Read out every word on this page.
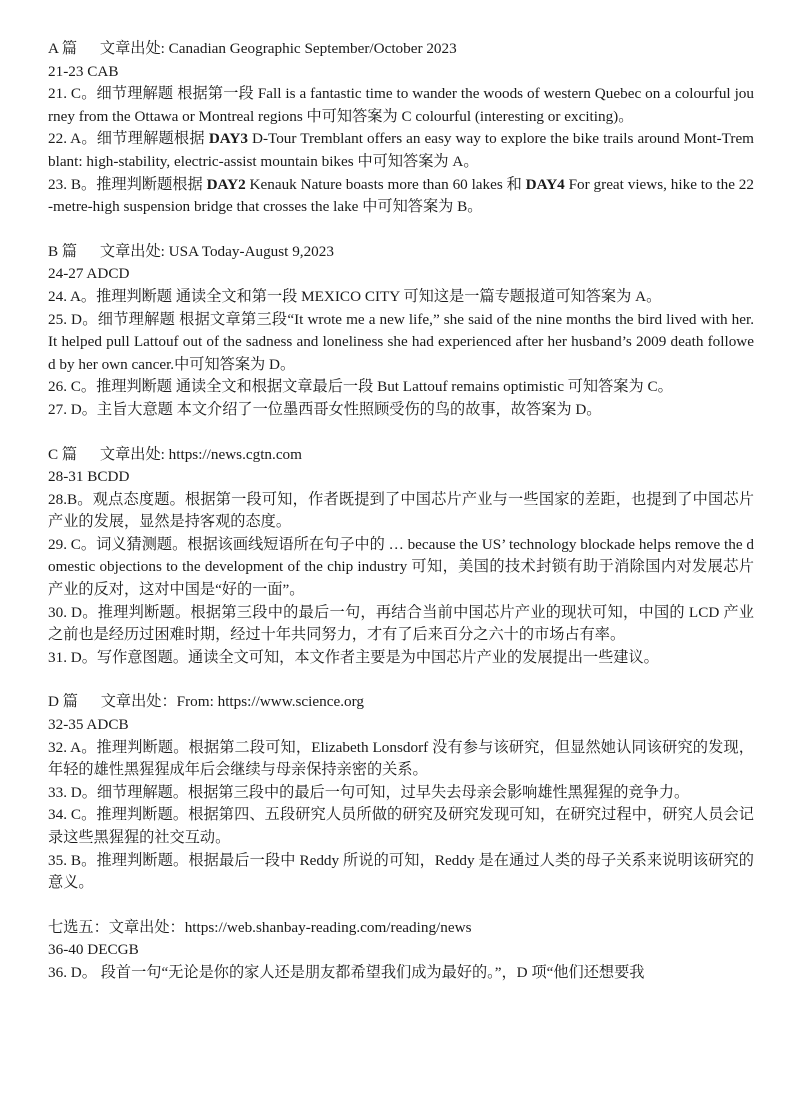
A 篇      文章出处: Canadian Geographic September/October 2023
21-23 CAB
21. C。细节理解题 根据第一段 Fall is a fantastic time to wander the woods of western Quebec on a colourful journey from the Ottawa or Montreal regions 中可知答案为 C colourful (interesting or exciting)。
22. A。细节理解题根据 DAY3 D-Tour Tremblant offers an easy way to explore the bike trails around Mont-Tremblant: high-stability, electric-assist mountain bikes 中可知答案为 A。
23. B。推理判断题根据 DAY2 Kenauk Nature boasts more than 60 lakes 和 DAY4 For great views, hike to the 22-metre-high suspension bridge that crosses the lake 中可知答案为 B。
B 篇      文章出处: USA Today-August 9,2023
24-27 ADCD
24. A。推理判断题 通读全文和第一段 MEXICO CITY 可知这是一篇专题报道可知答案为 A。
25. D。细节理解题 根据文章第三段“It wrote me a new life,” she said of the nine months the bird lived with her. It helped pull Lattouf out of the sadness and loneliness she had experienced after her husband’s 2009 death followed by her own cancer.中可知答案为 D。
26. C。推理判断题 通读全文和根据文章最后一段 But Lattouf remains optimistic 可知答案为 C。
27. D。主旨大意题 本文介绍了一位墨西哥女性照顾受伤的鸟的故事，故答案为 D。
C 篇      文章出处: https://news.cgtn.com
28-31 BCDD
28.B。观点态度题。根据第一段可知，作者既提到了中国芯片产业与一些国家的差距，也提到了中国芯片产业的发展，显然是持客观的态度。
29. C。词义猜测题。根据该画线短语所在句子中的 … because the US’ technology blockade helps remove the domestic objections to the development of the chip industry 可知，美国的技术封锁有助于消除国内对发展芯片产业的反对，这对中国是“好的一面”。
30. D。推理判断题。根据第三段中的最后一句，再结合当前中国芯片产业的现状可知，中国的 LCD 产业之前也是经历过困难时期，经过十年共同努力，才有了后来百分之六十的市场占有率。
31. D。写作意图题。通读全文可知，本文作者主要是为中国芯片产业的发展提出一些建议。
D 篇      文章出处：From: https://www.science.org
32-35 ADCB
32. A。推理判断题。根据第二段可知，Elizabeth Lonsdorf 没有参与该研究，但显然她认同该研究的发现，年轻的雄性黑猩猩成年后会继续与母亲保持亲密的关系。
33. D。细节理解题。根据第三段中的最后一句可知，过早失去母亲会影响雄性黑猩猩的竞争力。
34. C。推理判断题。根据第四、五段研究人员所做的研究及研究发现可知，在研究过程中，研究人员会记录这些黑猩猩的社交互动。
35. B。推理判断题。根据最后一段中 Reddy 所说的可知，Reddy 是在通过人类的母子关系来说明该研究的意义。
七选五：文章出处：https://web.shanbay-reading.com/reading/news
36-40 DECGB
36. D。 段首一句“无论是你的家人还是朋友都希望我们成为最好的。”，D 项“他们还想要我
